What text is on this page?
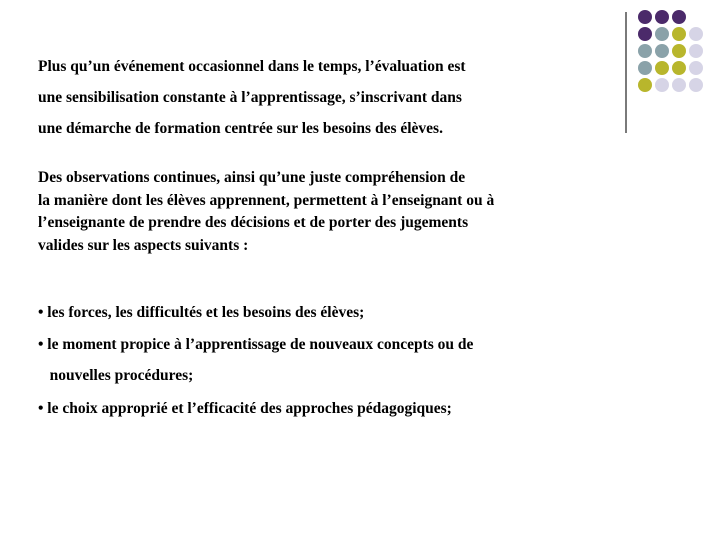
Plus qu’un événement occasionnel dans le temps, l’évaluation est
une sensibilisation constante à l’apprentissage, s’inscrivant dans
une démarche de formation centrée sur les besoins des élèves.

Des observations continues, ainsi qu’une juste compréhension de
la manière dont les élèves apprennent, permettent à l’enseignant ou à
l’enseignante de prendre des décisions et de porter des jugements
valides sur les aspects suivants :

• les forces, les difficultés et les besoins des élèves;

• le moment propice à l’apprentissage de nouveaux concepts ou de
nouvelles procédures;

• le choix approprié et l’efficacité des approches pédagogiques;
